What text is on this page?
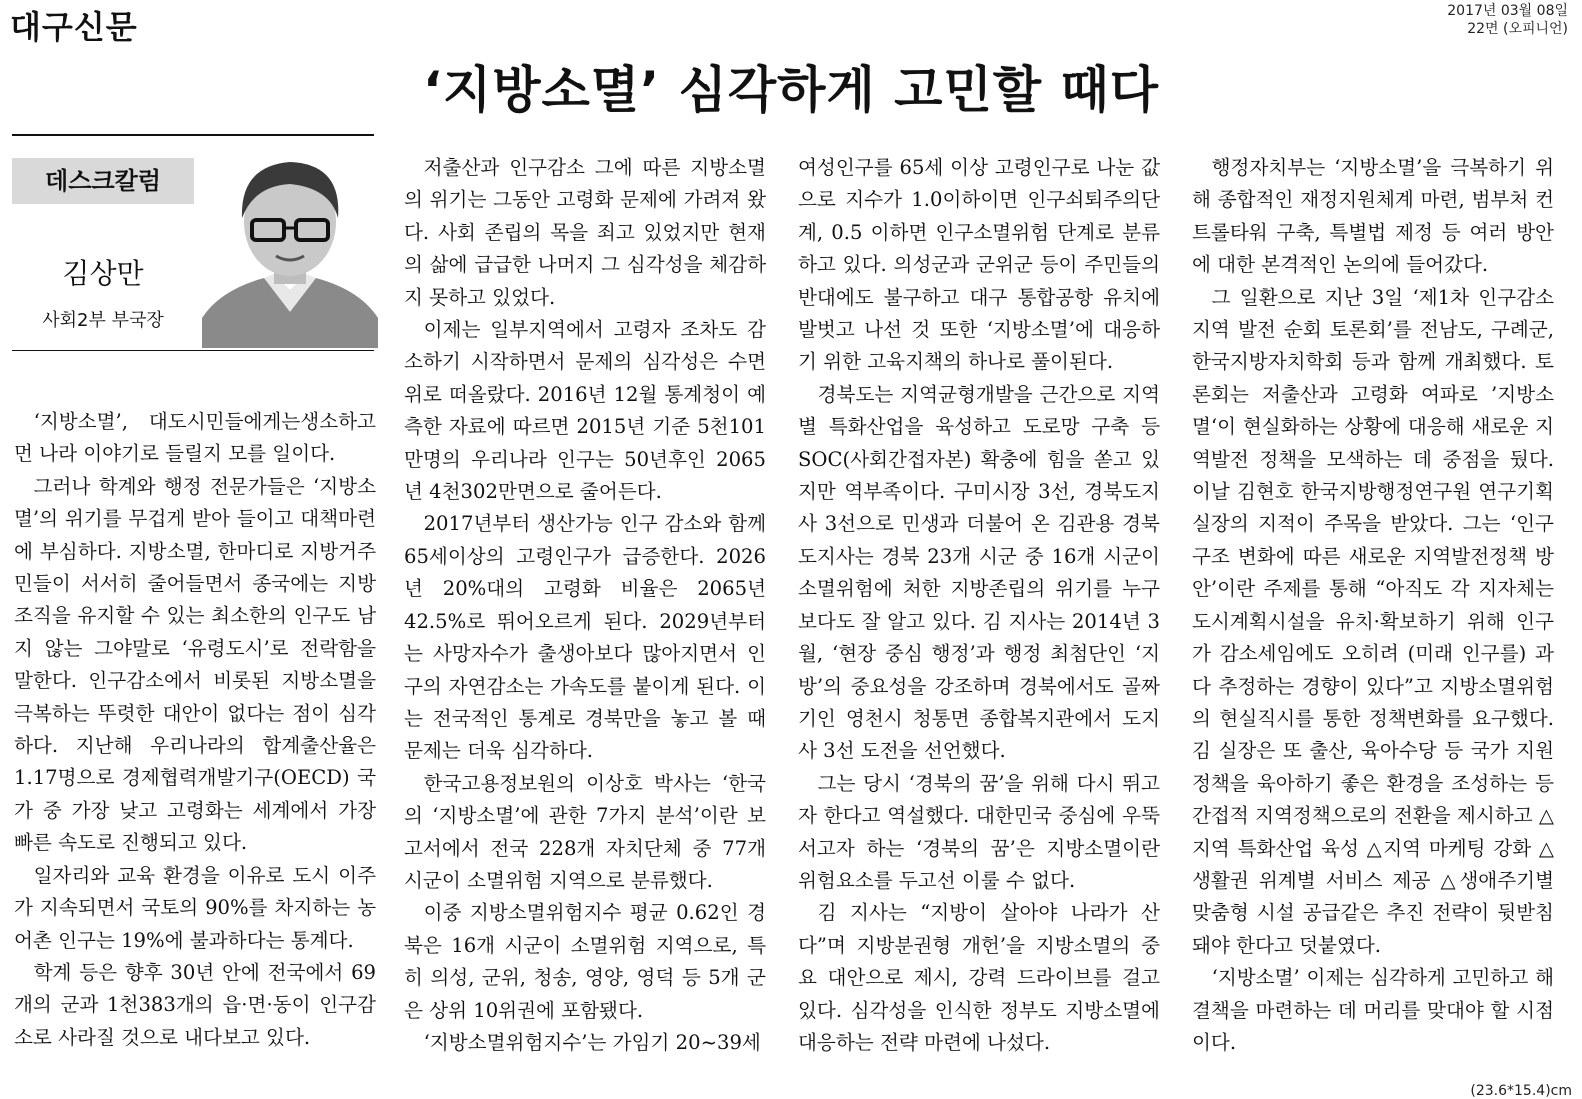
대구신문	2017년 03월 08일
22면 (오피니언)
‘지방소멸’ 심각하게 고민할 때다
데스크칼럼
김상만
사회2부 부국장

‘지방소멸’, 대도시민들에게는생소하고 먼 나라 이야기로 들릴지 모를 일이다.

그러나 학계와 행정 전문가들은 ‘지방소멸’의 위기를 무겁게 받아 들이고 대책마련에 부심하다. 지방소멸, 한마디로 지방거주민들이 서서히 줄어들면서 종국에는 지방조직을 유지할 수 있는 최소한의 인구도 남지 않는 그야말로 ‘유령도시’로 전락함을 말한다. 인구감소에서 비롯된 지방소멸을 극복하는 뚜렷한 대안이 없다는 점이 심각하다. 지난해 우리나라의 합계출산율은 1.17명으로 경제협력개발기구(OECD) 국가 중 가장 낮고 고령화는 세계에서 가장 빠른 속도로 진행되고 있다.

일자리와 교육 환경을 이유로 도시 이주가 지속되면서 국토의 90%를 차지하는 농어촌 인구는 19%에 불과하다는 통계다.

학계 등은 향후 30년 안에 전국에서 69개의 군과 1천383개의 읍·면·동이 인구감소로 사라질 것으로 내다보고 있다.

저출산과 인구감소 그에 따른 지방소멸의 위기는 그동안 고령화 문제에 가려져 왔다. 사회 존립의 목을 죄고 있었지만 현재의 삶에 급급한 나머지 그 심각성을 체감하지 못하고 있었다.

이제는 일부지역에서 고령자 조차도 감소하기 시작하면서 문제의 심각성은 수면위로 떠올랐다. 2016년 12월 통계청이 예측한 자료에 따르면 2015년 기준 5천101만명의 우리나라 인구는 50년후인 2065년 4천302만면으로 줄어든다.

2017년부터 생산가능 인구 감소와 함께 65세이상의 고령인구가 급증한다. 2026년 20%대의 고령화 비율은 2065년 42.5%로 뛰어오르게 된다. 2029년부터는 사망자수가 출생아보다 많아지면서 인구의 자연감소는 가속도를 붙이게 된다. 이는 전국적인 통계로 경북만을 놓고 볼 때 문제는 더욱 심각하다.

한국고용정보원의 이상호 박사는 ‘한국의 ‘지방소멸’에 관한 7가지 분석’이란 보고서에서 전국 228개 자치단체 중 77개 시군이 소멸위험 지역으로 분류했다.

이중 지방소멸위험지수 평균 0.62인 경북은 16개 시군이 소멸위험 지역으로, 특히 의성, 군위, 청송, 영양, 영덕 등 5개 군은 상위 10위권에 포함됐다.

‘지방소멸위험지수’는 가임기 20~39세

여성인구를 65세 이상 고령인구로 나눈 값으로 지수가 1.0이하이면 인구쇠퇴주의단계, 0.5 이하면 인구소멸위험 단계로 분류하고 있다. 의성군과 군위군 등이 주민들의 반대에도 불구하고 대구 통합공항 유치에 발벗고 나선 것 또한 ‘지방소멸’에 대응하기 위한 고육지책의 하나로 풀이된다.

경북도는 지역균형개발을 근간으로 지역별 특화산업을 육성하고 도로망 구축 등 SOC(사회간접자본) 확충에 힘을 쏟고 있지만 역부족이다. 구미시장 3선, 경북도지사 3선으로 민생과 더불어 온 김관용 경북도지사는 경북 23개 시군 중 16개 시군이 소멸위험에 처한 지방존립의 위기를 누구보다도 잘 알고 있다. 김 지사는 2014년 3월, ‘현장 중심 행정’과 행정 최첨단인 ‘지방’의 중요성을 강조하며 경북에서도 골짜기인 영천시 청통면 종합복지관에서 도지사 3선 도전을 선언했다.

그는 당시 ‘경북의 꿈’을 위해 다시 뛰고자 한다고 역설했다. 대한민국 중심에 우뚝서고자 하는 ‘경북의 꿈’은 지방소멸이란 위험요소를 두고선 이룰 수 없다.

김 지사는 “지방이 살아야 나라가 산다”며 지방분권형 개헌’을 지방소멸의 중요 대안으로 제시, 강력 드라이브를 걸고 있다. 심각성을 인식한 정부도 지방소멸에 대응하는 전략 마련에 나섰다.

행정자치부는 ‘지방소멸’을 극복하기 위해 종합적인 재정지원체계 마련, 범부처 컨트롤타워 구축, 특별법 제정 등 여러 방안에 대한 본격적인 논의에 들어갔다.

그 일환으로 지난 3일 ‘제1차 인구감소 지역 발전 순회 토론회’를 전남도, 구례군, 한국지방자치학회 등과 함께 개최했다. 토론회는 저출산과 고령화 여파로 ’지방소멸‘이 현실화하는 상황에 대응해 새로운 지역발전 정책을 모색하는 데 중점을 뒀다. 이날 김현호 한국지방행정연구원 연구기획실장의 지적이 주목을 받았다. 그는 ‘인구구조 변화에 따른 새로운 지역발전정책 방안’이란 주제를 통해 “아직도 각 지자체는 도시계획시설을 유치·확보하기 위해 인구가 감소세임에도 오히려 (미래 인구를) 과다 추정하는 경향이 있다”고 지방소멸위험의 현실직시를 통한 정책변화를 요구했다. 김 실장은 또 출산, 육아수당 등 국가 지원정책을 육아하기 좋은 환경을 조성하는 등 간접적 지역정책으로의 전환을 제시하고 △지역 특화산업 육성 △지역 마케팅 강화 △생활권 위계별 서비스 제공 △생애주기별 맞춤형 시설 공급같은 추진 전략이 뒷받침돼야 한다고 덧붙였다.

‘지방소멸’ 이제는 심각하게 고민하고 해결책을 마련하는 데 머리를 맞대야 할 시점이다.

(23.6*15.4)cm
